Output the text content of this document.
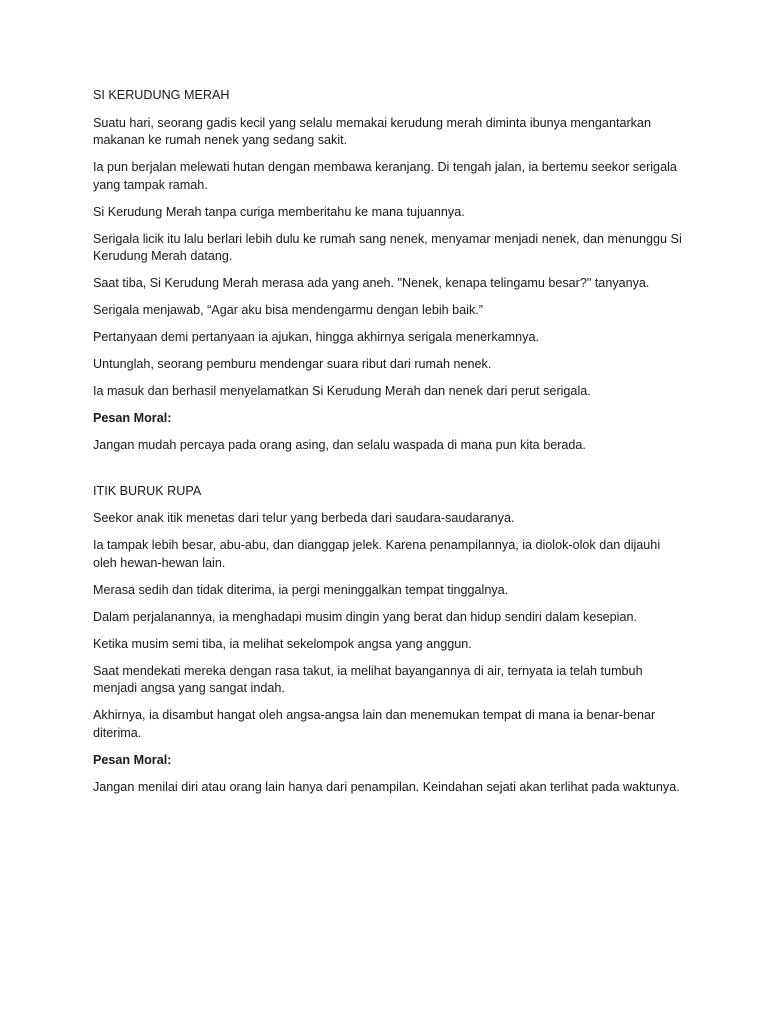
SI KERUDUNG MERAH

Suatu hari, seorang gadis kecil yang selalu memakai kerudung merah diminta ibunya mengantarkan makanan ke rumah nenek yang sedang sakit.

Ia pun berjalan melewati hutan dengan membawa keranjang. Di tengah jalan, ia bertemu seekor serigala yang tampak ramah.

Si Kerudung Merah tanpa curiga memberitahu ke mana tujuannya.

Serigala licik itu lalu berlari lebih dulu ke rumah sang nenek, menyamar menjadi nenek, dan menunggu Si Kerudung Merah datang.

Saat tiba, Si Kerudung Merah merasa ada yang aneh. "Nenek, kenapa telingamu besar?" tanyanya.

Serigala menjawab, “Agar aku bisa mendengarmu dengan lebih baik.”

Pertanyaan demi pertanyaan ia ajukan, hingga akhirnya serigala menerkamnya.

Untunglah, seorang pemburu mendengar suara ribut dari rumah nenek.

Ia masuk dan berhasil menyelamatkan Si Kerudung Merah dan nenek dari perut serigala.

Pesan Moral:

Jangan mudah percaya pada orang asing, dan selalu waspada di mana pun kita berada.

ITIK BURUK RUPA

Seekor anak itik menetas dari telur yang berbeda dari saudara-saudaranya.

Ia tampak lebih besar, abu-abu, dan dianggap jelek. Karena penampilannya, ia diolok-olok dan dijauhi oleh hewan-hewan lain.

Merasa sedih dan tidak diterima, ia pergi meninggalkan tempat tinggalnya.

Dalam perjalanannya, ia menghadapi musim dingin yang berat dan hidup sendiri dalam kesepian.

Ketika musim semi tiba, ia melihat sekelompok angsa yang anggun.

Saat mendekati mereka dengan rasa takut, ia melihat bayangannya di air, ternyata ia telah tumbuh menjadi angsa yang sangat indah.

Akhirnya, ia disambut hangat oleh angsa-angsa lain dan menemukan tempat di mana ia benar-benar diterima.

Pesan Moral:

Jangan menilai diri atau orang lain hanya dari penampilan. Keindahan sejati akan terlihat pada waktunya.
